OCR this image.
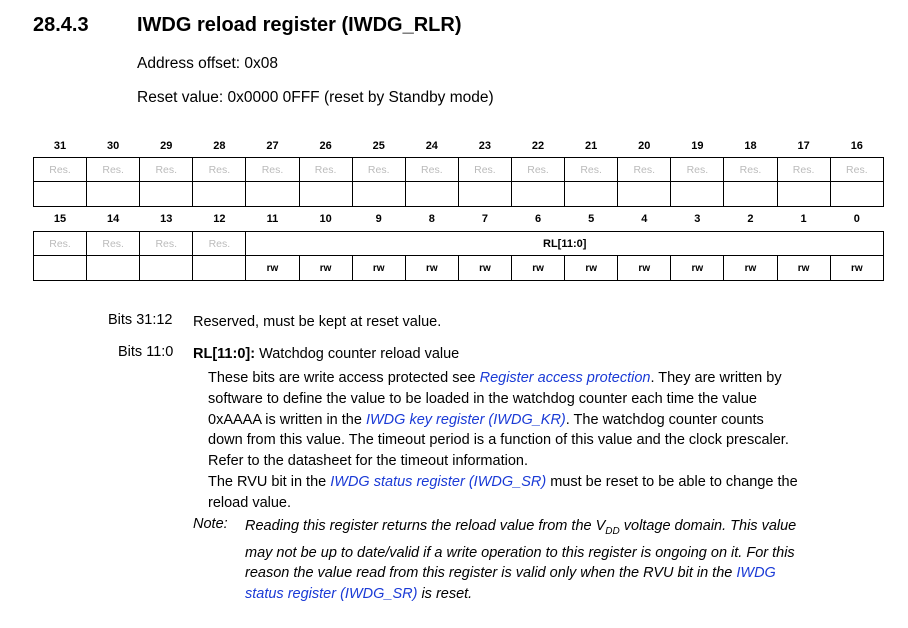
28.4.3 IWDG reload register (IWDG_RLR)
Address offset: 0x08
Reset value: 0x0000 0FFF (reset by Standby mode)
31	30	29	28	27	26	25	24	23	22	21	20	19	18	17	16
Res.	Res.	Res.	Res.	Res.	Res.	Res.	Res.	Res.	Res.	Res.	Res.	Res.	Res.	Res.	Res.

15	14	13	12	11	10	9	8	7	6	5	4	3	2	1	0
Res.	Res.	Res.	Res.	RL[11:0]											
				rw	rw	rw	rw	rw	rw	rw	rw	rw	rw	rw	rw
Bits 31:12 Reserved, must be kept at reset value.
Bits 11:0 RL[11:0]: Watchdog counter reload value
These bits are write access protected see Register access protection. They are written by
software to define the value to be loaded in the watchdog counter each time the value
0xAAAA is written in the IWDG key register (IWDG_KR). The watchdog counter counts
down from this value. The timeout period is a function of this value and the clock prescaler.
Refer to the datasheet for the timeout information.
The RVU bit in the IWDG status register (IWDG_SR) must be reset to be able to change the
reload value.
Note: Reading this register returns the reload value from the $V_{DD}$ voltage domain. This value
may not be up to date/valid if a write operation to this register is ongoing on it. For this
reason the value read from this register is valid only when the RVU bit in the IWDG
status register (IWDG_SR) is reset.
